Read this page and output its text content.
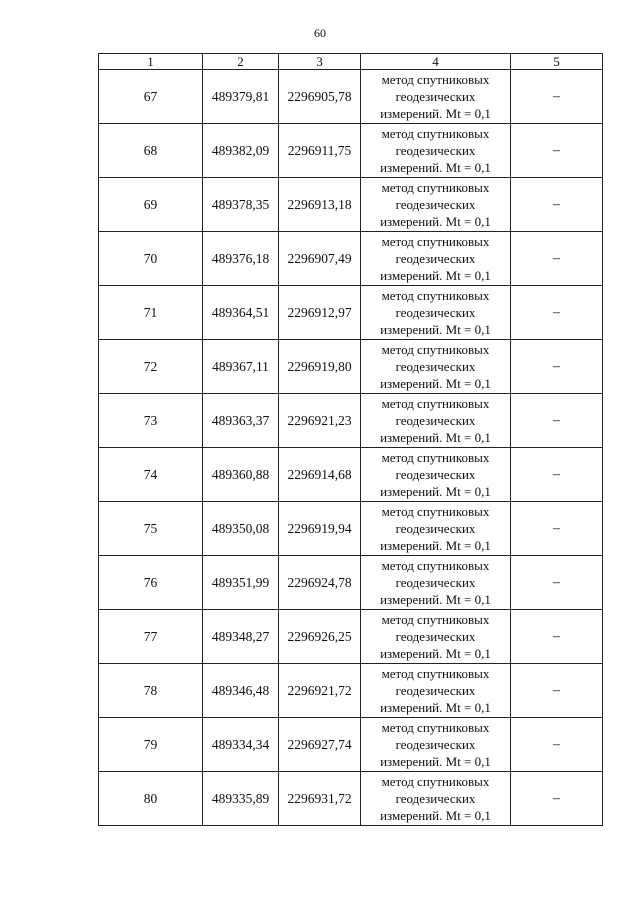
60
1	2	3	4	5
67	489379,81	2296905,78	метод спутниковых
геодезических
измерений. Mt = 0,1	–
68	489382,09	2296911,75	метод спутниковых
геодезических
измерений. Mt = 0,1	–
69	489378,35	2296913,18	метод спутниковых
геодезических
измерений. Mt = 0,1	–
70	489376,18	2296907,49	метод спутниковых
геодезических
измерений. Mt = 0,1	–
71	489364,51	2296912,97	метод спутниковых
геодезических
измерений. Mt = 0,1	–
72	489367,11	2296919,80	метод спутниковых
геодезических
измерений. Mt = 0,1	–
73	489363,37	2296921,23	метод спутниковых
геодезических
измерений. Mt = 0,1	–
74	489360,88	2296914,68	метод спутниковых
геодезических
измерений. Mt = 0,1	–
75	489350,08	2296919,94	метод спутниковых
геодезических
измерений. Mt = 0,1	–
76	489351,99	2296924,78	метод спутниковых
геодезических
измерений. Mt = 0,1	–
77	489348,27	2296926,25	метод спутниковых
геодезических
измерений. Mt = 0,1	–
78	489346,48	2296921,72	метод спутниковых
геодезических
измерений. Mt = 0,1	–
79	489334,34	2296927,74	метод спутниковых
геодезических
измерений. Mt = 0,1	–
80	489335,89	2296931,72	метод спутниковых
геодезических
измерений. Mt = 0,1	–
